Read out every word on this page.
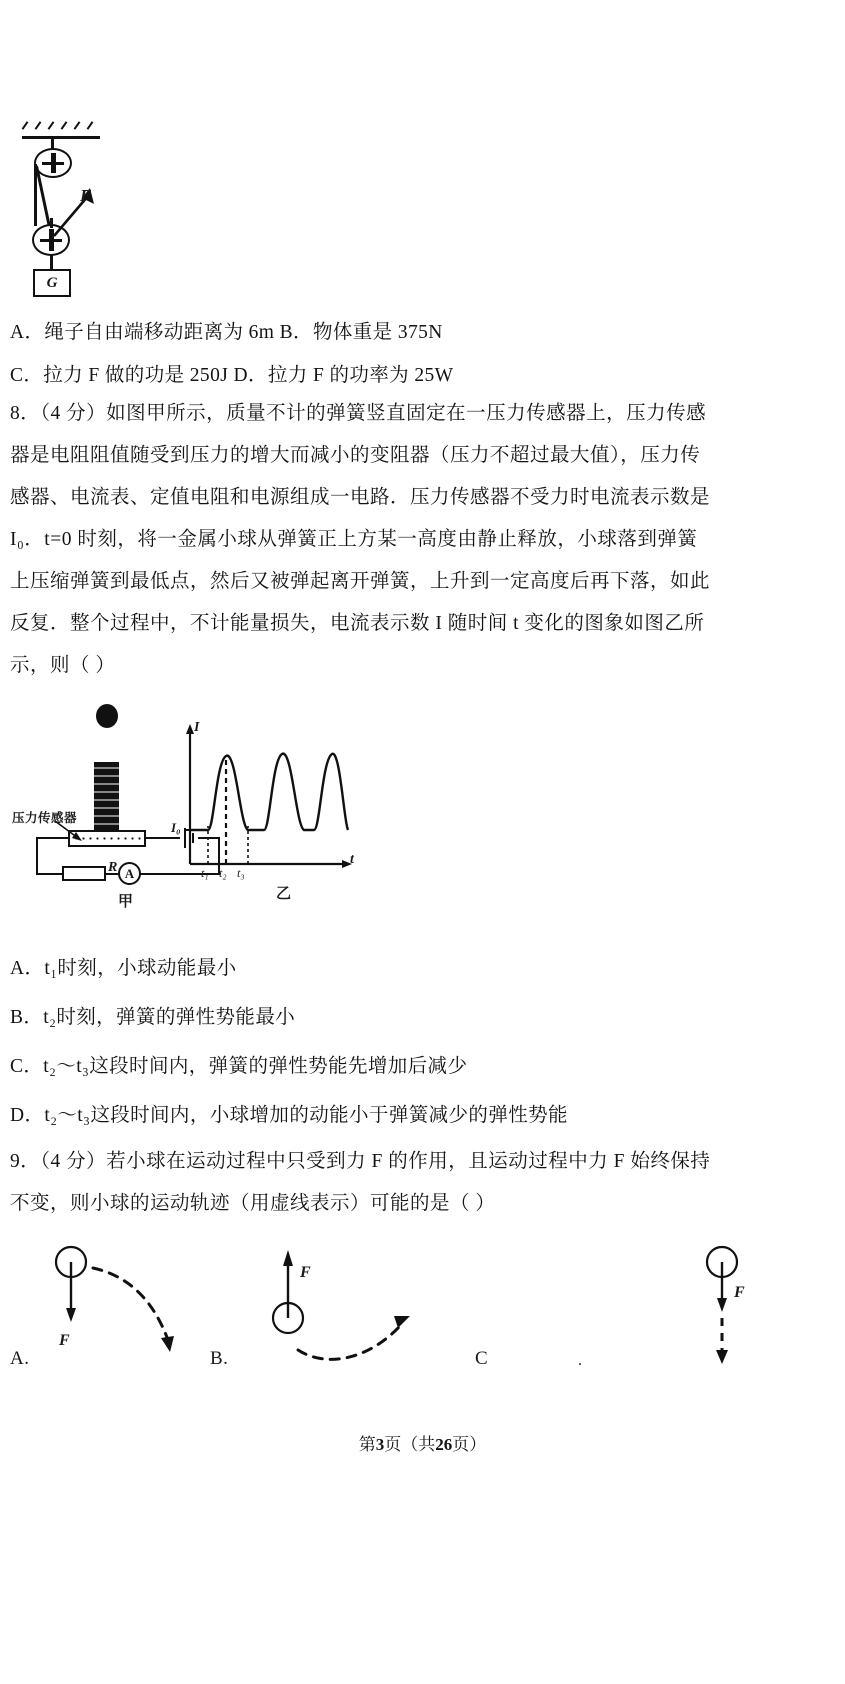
F
G
A．绳子自由端移动距离为 6m B．物体重是 375N
C．拉力 F 做的功是 250J D．拉力 F 的功率为 25W
8．（4 分）如图甲所示，质量不计的弹簧竖直固定在一压力传感器上，压力传感
器是电阻阻值随受到压力的增大而减小的变阻器（压力不超过最大值），压力传
感器、电流表、定值电阻和电源组成一电路．压力传感器不受力时电流表示数是
I₀．t=0 时刻，将一金属小球从弹簧正上方某一高度由静止释放，小球落到弹簧
上压缩弹簧到最低点，然后又被弹起离开弹簧，上升到一定高度后再下落，如此
反复．整个过程中，不计能量损失，电流表示数 I 随时间 t 变化的图象如图乙所
示，则（ ）
压力传感器
R A
甲
I
t
I₀
t₁ t₂ t₃
乙
A．t₁时刻，小球动能最小
B．t₂时刻，弹簧的弹性势能最小
C．t₂～t₃这段时间内，弹簧的弹性势能先增加后减少
D．t₂～t₃这段时间内，小球增加的动能小于弹簧减少的弹性势能
9．（4 分）若小球在运动过程中只受到力 F 的作用，且运动过程中力 F 始终保持
不变，则小球的运动轨迹（用虚线表示）可能的是（ ）
F
A.
F
B.
F
C	.
第3页（共26页）
